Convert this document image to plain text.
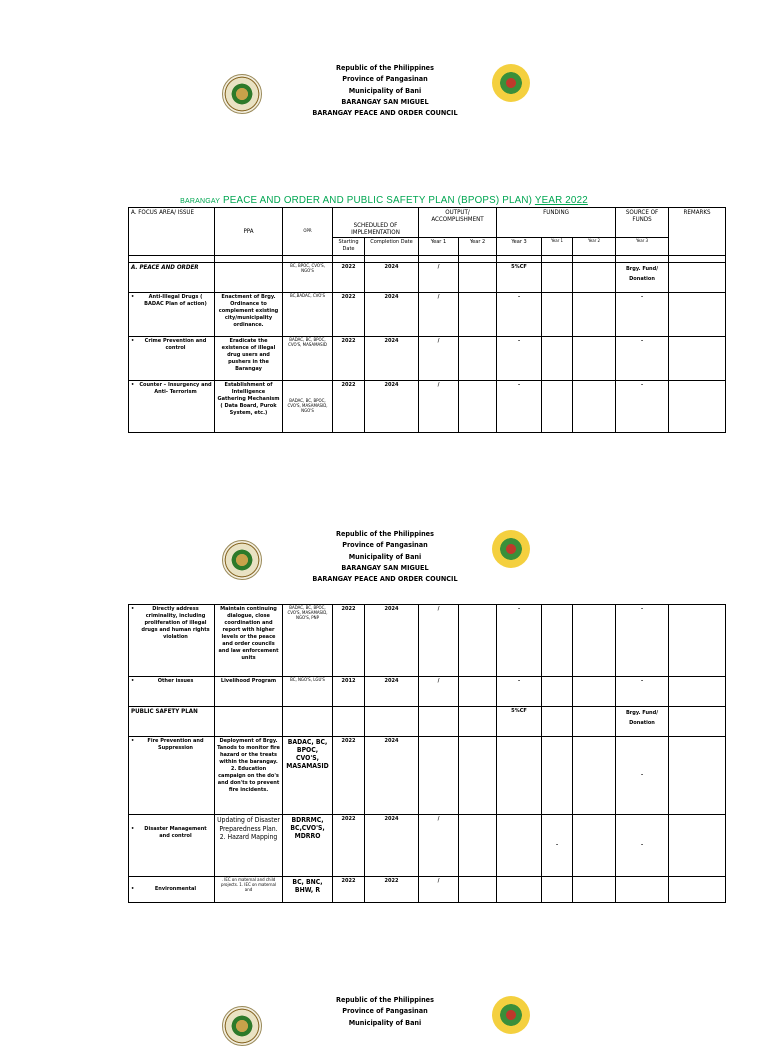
Republic of the Philippines
Province of Pangasinan
Municipality of Bani
BARANGAY SAN MIGUEL
BARANGAY PEACE AND ORDER COUNCIL
BARANGAY PEACE AND ORDER AND PUBLIC SAFETY PLAN (BPOPS) PLAN) YEAR 2022
A. FOCUS AREA/ ISSUE	PPA	OPR	SCHEDULED OF IMPLEMENTATION		OUTPUT/ ACCOMPLISHMENT		FUNDING			SOURCE OF FUNDS	REMARKS
			Starting Date	Completion Date	Year 1	Year 2	Year 3	Year 1	Year 2	Year 3	

A. PEACE AND ORDER		BC, BPOC, CVO'S, NGO'S	2022	2024	/		5%CF			Brgy. Fund/ Donation	

• Anti-Illegal Drugs ( BADAC Plan of action)	Enactment of Brgy. Ordinance to complement existing city/municipality ordinance.	BC,BADAC, CVO'S	2022	2024	/		-			-	

• Crime Prevention and control	Eradicate the existence of illegal drug users and pushers in the Barangay	BADAC, BC, BPOC, CVO'S, MASAMASID	2022	2024	/		-			-	

• Counter – Insurgency and Anti- Terrorism	Establishment of Intelligence Gathering Mechanism ( Data Board, Purok System, etc.)	BADAC, BC, BPOC, CVO'S, MASAMASID, NGO'S	2022	2024	/		-			-	
Republic of the Philippines
Province of Pangasinan
Municipality of Bani
BARANGAY SAN MIGUEL
BARANGAY PEACE AND ORDER COUNCIL
• Directly address criminality, including proliferation of illegal drugs and human rights violation	Maintain continuing dialogue, close coordination and report with higher levels or the peace and order councils and law enforcement units	BADAC, BC, BPOC, CVO'S, MASAMASID, NGO'S, PNP	2022	2024	/		-			-	

• Other issues	Livelihood Program	BC, NGO'S, LGU'S	2012	2024	/		-			-	
PUBLIC SAFETY PLAN							5%CF			Brgy. Fund/ Donation	

• Fire Prevention and Suppression	Deployment of Brgy. Tanods to monitor fire hazard or the treats within the barangay. 2. Education campaign on the do's and don'ts to prevent fire incidents.	BADAC, BC, BPOC, CVO'S, MASAMASID	2022	2024						-	

• Disaster Management and control	Updating of Disaster Preparedness Plan. 2. Hazard Mapping	BDRRMC, BC,CVO'S, MDRRO	2022	2024	/			-		-	

• Environmental	. IEC on maternal and child projects. 1. IEC on maternal and	BC, BNC, BHW, R	2022	2022	/						
Republic of the Philippines
Province of Pangasinan
Municipality of Bani
